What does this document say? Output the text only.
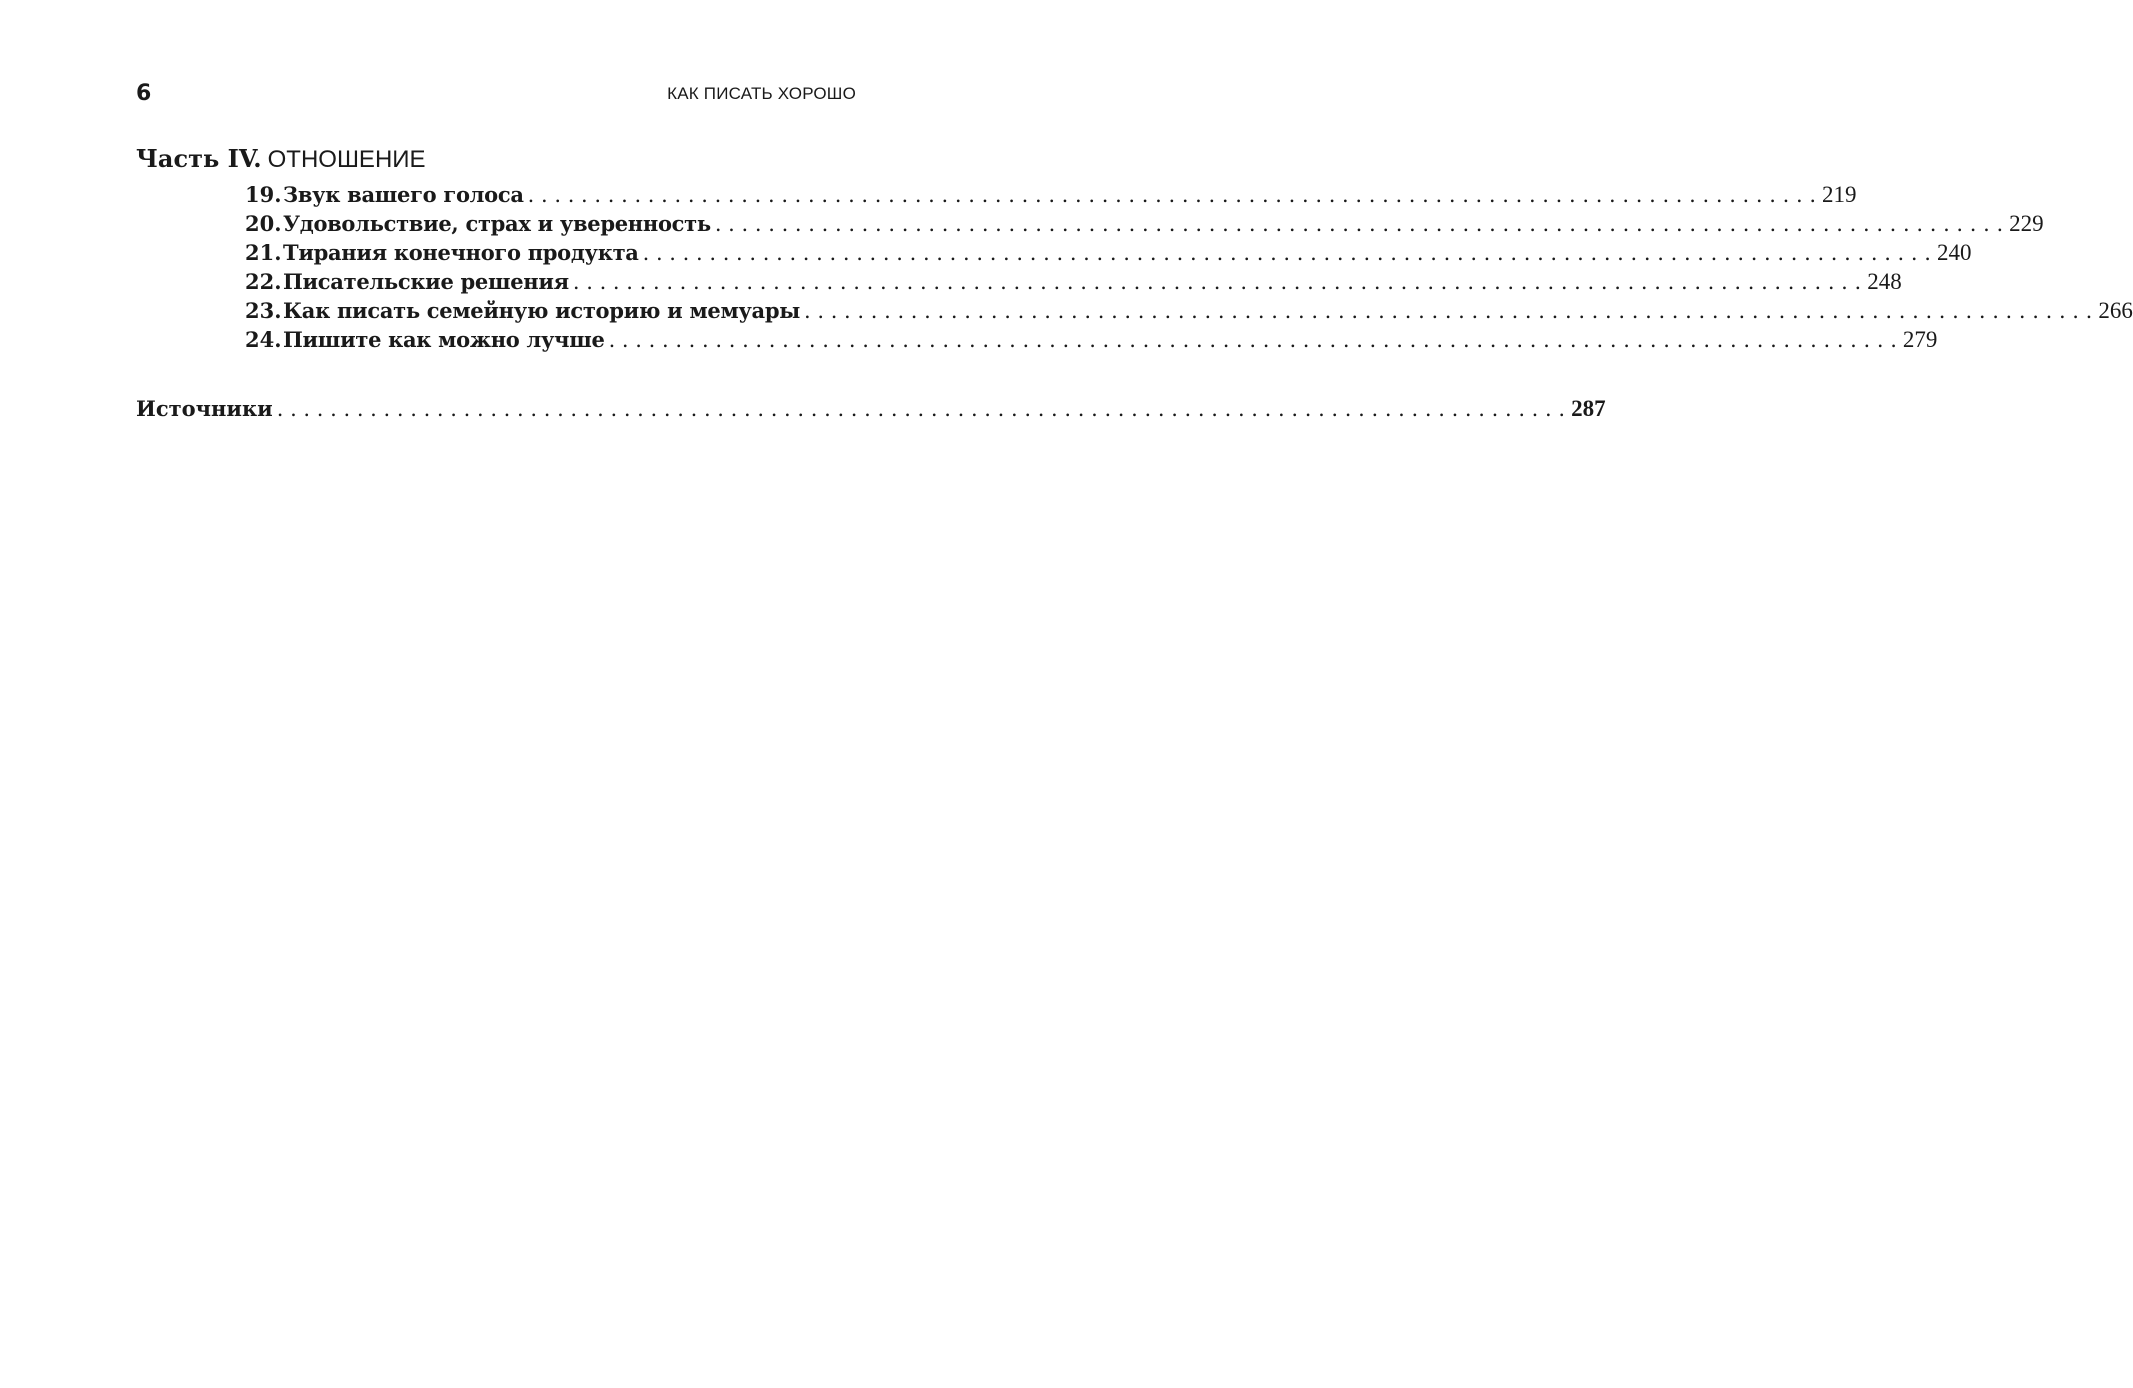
6	КАК ПИСАТЬ ХОРОШО
Часть IV. ОТНОШЕНИЕ
19. Звук вашего голоса . . .	219
20. Удовольствие, страх и уверенность . . .	229
21. Тирания конечного продукта . . .	240
22. Писательские решения . . .	248
23. Как писать семейную историю и мемуары . . .	266
24. Пишите как можно лучше . . .	279
Источники . . .	287
